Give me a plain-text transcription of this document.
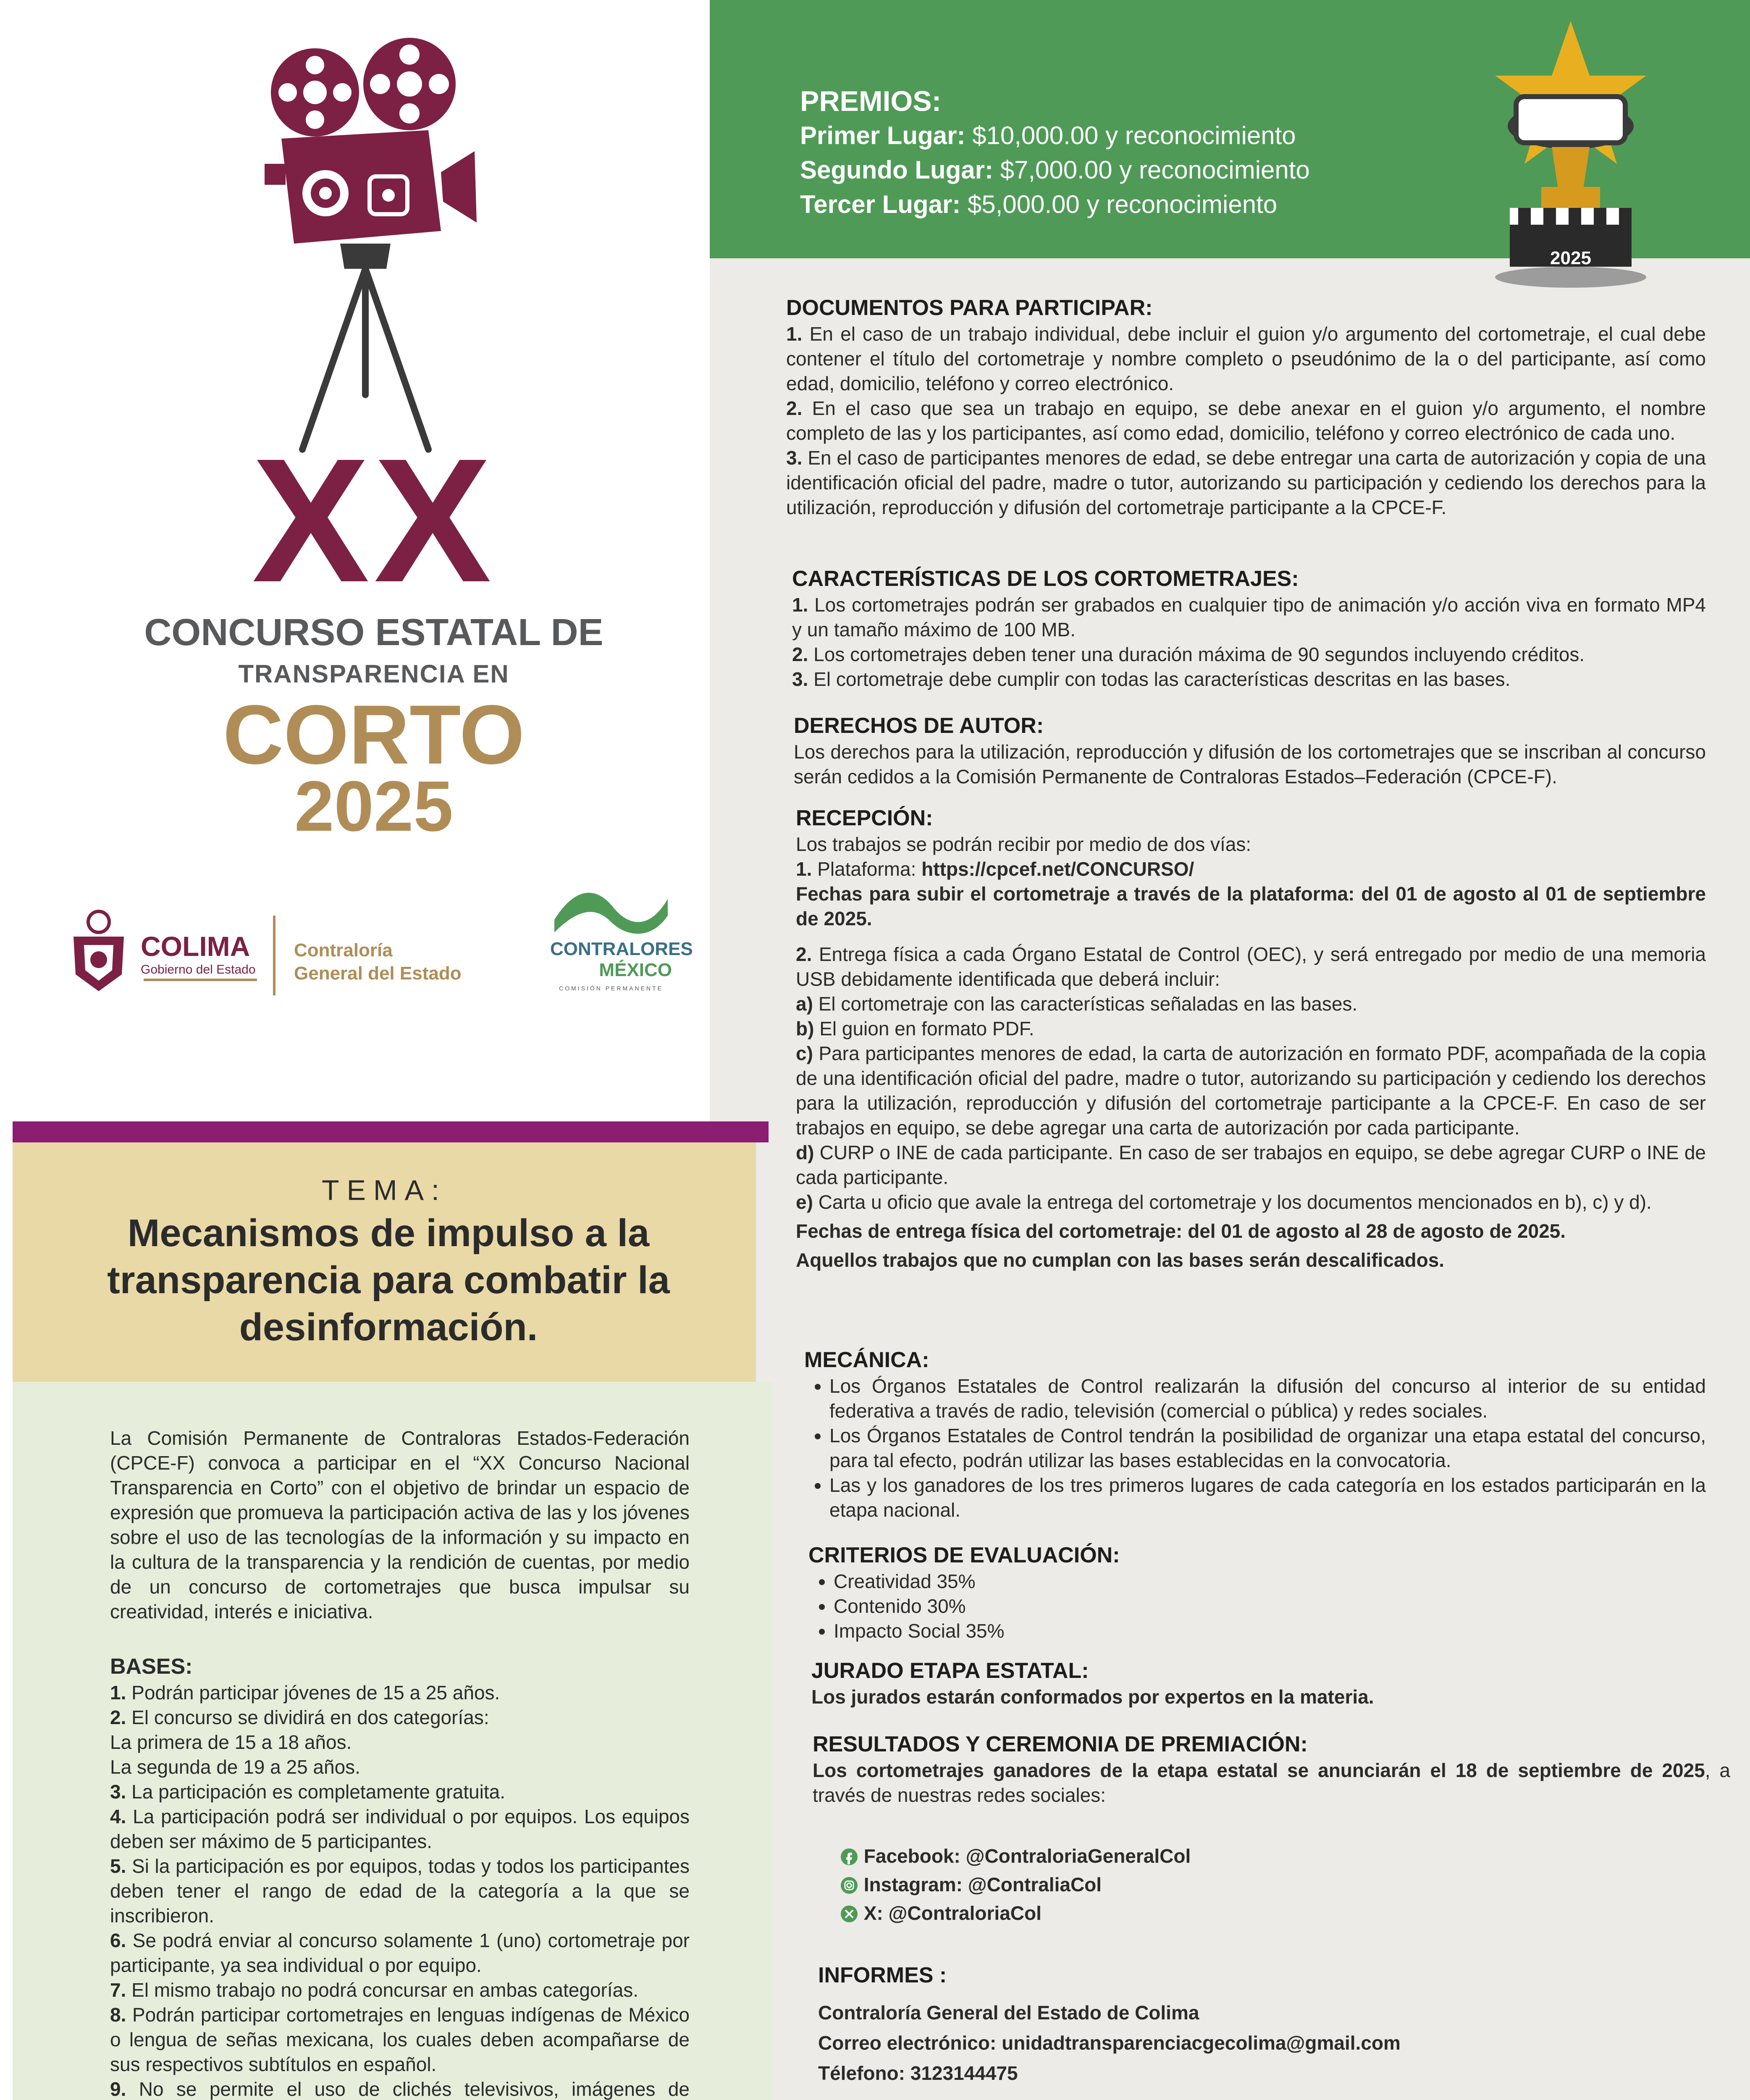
XX
CONCURSO ESTATAL DE
TRANSPARENCIA EN
CORTO
2025
COLIMA
Gobierno del Estado
Contraloría
General del Estado
CONTRALORES
MÉXICO
COMISIÓN PERMANENTE
PREMIOS:
Primer Lugar: $10,000.00 y reconocimiento
Segundo Lugar: $7,000.00 y reconocimiento
Tercer Lugar: $5,000.00 y reconocimiento
2025
DOCUMENTOS PARA PARTICIPAR:

1. En el caso de un trabajo individual, debe incluir el guion y/o argumento del cortometraje, el cual debe contener el título del cortometraje y nombre completo o pseudónimo de la o del participante, así como edad, domicilio, teléfono y correo electrónico.

2. En el caso que sea un trabajo en equipo, se debe anexar en el guion y/o argumento, el nombre completo de las y los participantes, así como edad, domicilio, teléfono y correo electrónico de cada uno.

3. En el caso de participantes menores de edad, se debe entregar una carta de autorización y copia de una identificación oficial del padre, madre o tutor, autorizando su participación y cediendo los derechos para la utilización, reproducción y difusión del cortometraje participante a la CPCE-F.

CARACTERÍSTICAS DE LOS CORTOMETRAJES:

1. Los cortometrajes podrán ser grabados en cualquier tipo de animación y/o acción viva en formato MP4 y un tamaño máximo de 100 MB.

2. Los cortometrajes deben tener una duración máxima de 90 segundos incluyendo créditos.

3. El cortometraje debe cumplir con todas las características descritas en las bases.

DERECHOS DE AUTOR:

Los derechos para la utilización, reproducción y difusión de los cortometrajes que se inscriban al concurso serán cedidos a la Comisión Permanente de Contraloras Estados–Federación (CPCE-F).

RECEPCIÓN:

Los trabajos se podrán recibir por medio de dos vías:

1. Plataforma: https://cpcef.net/CONCURSO/

Fechas para subir el cortometraje a través de la plataforma: del 01 de agosto al 01 de septiembre de 2025.

2. Entrega física a cada Órgano Estatal de Control (OEC), y será entregado por medio de una memoria USB debidamente identificada que deberá incluir:

a) El cortometraje con las características señaladas en las bases.

b) El guion en formato PDF.

c) Para participantes menores de edad, la carta de autorización en formato PDF, acompañada de la copia de una identificación oficial del padre, madre o tutor, autorizando su participación y cediendo los derechos para la utilización, reproducción y difusión del cortometraje participante a la CPCE-F. En caso de ser trabajos en equipo, se debe agregar una carta de autorización por cada participante.

d) CURP o INE de cada participante. En caso de ser trabajos en equipo, se debe agregar CURP o INE de cada participante.

e) Carta u oficio que avale la entrega del cortometraje y los documentos mencionados en b), c) y d).

Fechas de entrega física del cortometraje: del 01 de agosto al 28 de agosto de 2025.

Aquellos trabajos que no cumplan con las bases serán descalificados.

MECÁNICA:
• Los Órganos Estatales de Control realizarán la difusión del concurso al interior de su entidad federativa a través de radio, televisión (comercial o pública) y redes sociales.
• Los Órganos Estatales de Control tendrán la posibilidad de organizar una etapa estatal del concurso, para tal efecto, podrán utilizar las bases establecidas en la convocatoria.
• Las y los ganadores de los tres primeros lugares de cada categoría en los estados participarán en la etapa nacional.
CRITERIOS DE EVALUACIÓN:
• Creatividad 35%
• Contenido 30%
• Impacto Social 35%
JURADO ETAPA ESTATAL:

Los jurados estarán conformados por expertos en la materia.

RESULTADOS Y CEREMONIA DE PREMIACIÓN:

Los cortometrajes ganadores de la etapa estatal se anunciarán el 18 de septiembre de 2025, a través de nuestras redes sociales:

Facebook: @ContraloriaGeneralCol
Instagram: @ContraliaCol
X: @ContraloriaCol
INFORMES :

Contraloría General del Estado de Colima

Correo electrónico: unidadtransparenciacgecolima@gmail.com

Télefono: 3123144475

TEMA:
Mecanismos de impulso a la transparencia para combatir la desinformación.

La Comisión Permanente de Contraloras Estados-Federación (CPCE-F) convoca a participar en el “XX Concurso Nacional Transparencia en Corto” con el objetivo de brindar un espacio de expresión que promueva la participación activa de las y los jóvenes sobre el uso de las tecnologías de la información y su impacto en la cultura de la transparencia y la rendición de cuentas, por medio de un concurso de cortometrajes que busca impulsar su creatividad, interés e iniciativa.

BASES:

1. Podrán participar jóvenes de 15 a 25 años.

2. El concurso se dividirá en dos categorías:

La primera de 15 a 18 años.

La segunda de 19 a 25 años.

3. La participación es completamente gratuita.

4. La participación podrá ser individual o por equipos. Los equipos deben ser máximo de 5 participantes.

5. Si la participación es por equipos, todas y todos los participantes deben tener el rango de edad de la categoría a la que se inscribieron.

6. Se podrá enviar al concurso solamente 1 (uno) cortometraje por participante, ya sea individual o por equipo.

7. El mismo trabajo no podrá concursar en ambas categorías.

8. Podrán participar cortometrajes en lenguas indígenas de México o lengua de señas mexicana, los cuales deben acompañarse de sus respectivos subtítulos en español.

9. No se permite el uso de clichés televisivos, imágenes de
